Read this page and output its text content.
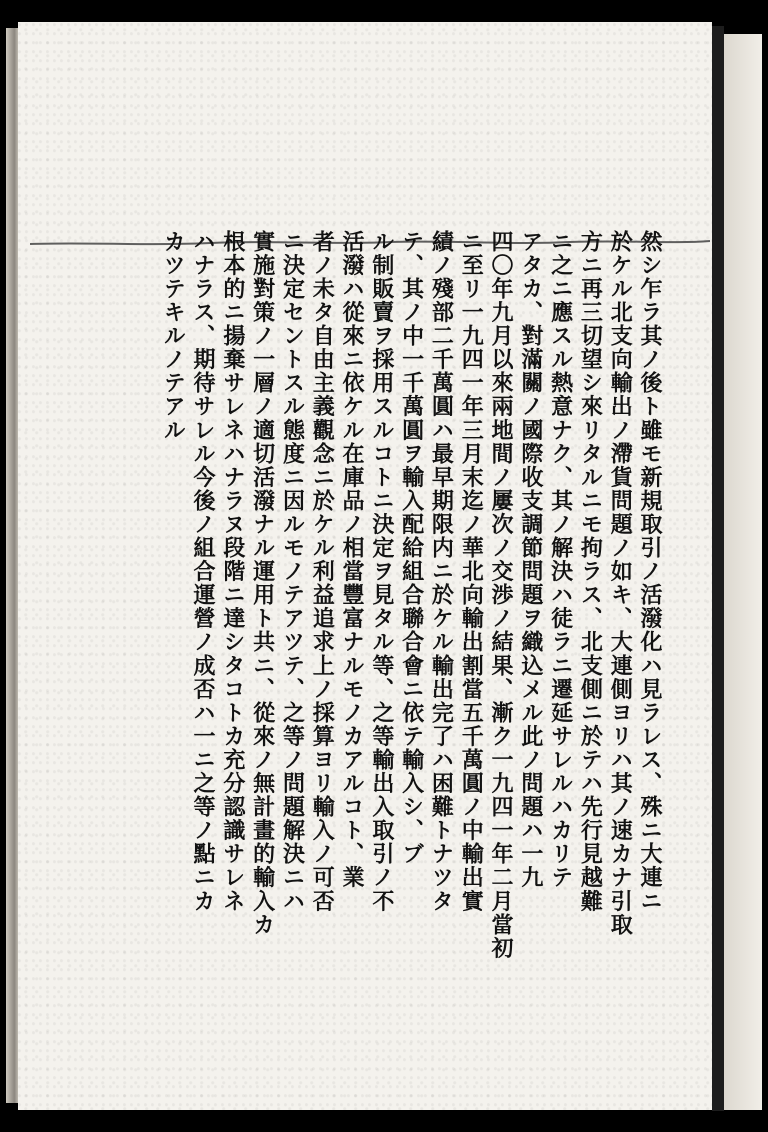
然シ乍ラ其ノ後ト雖モ新規取引ノ活潑化ハ見ラレス、殊ニ大連ニ
於ケル北支向輸出ノ滯貨問題ノ如キ、大連側ヨリハ其ノ速カナ引取
方ニ再三切望シ來リタルニモ拘ラス、北支側ニ於テハ先行見越難
ニ之ニ應スル熱意ナク、其ノ解決ハ徒ラニ遷延サレルハカリテ
アタカ、對滿關ノ國際收支調節問題ヲ織込メル此ノ問題ハ一九
四〇年九月以來兩地間ノ屢次ノ交渉ノ結果、漸ク一九四一年二月當初
ニ至リ一九四一年三月末迄ノ華北向輸出割當五千萬圓ノ中輸出實
績ノ殘部二千萬圓ハ最早期限内ニ於ケル輸出完了ハ困難トナツタ
テ、其ノ中一千萬圓ヲ輸入配給組合聯合會ニ依テ輸入シ、ブ
ル制販賣ヲ採用スルコトニ決定ヲ見タル等、之等輸出入取引ノ不
活潑ハ從來ニ依ケル在庫品ノ相當豐富ナルモノカアルコト、業
者ノ未タ自由主義觀念ニ於ケル利益追求上ノ採算ヨリ輸入ノ可否
ニ決定セントスル態度ニ因ルモノテアツテ、之等ノ問題解決ニハ
實施對策ノ一層ノ適切活潑ナル運用ト共ニ、從來ノ無計畫的輸入カ
根本的ニ揚棄サレネハナラヌ段階ニ達シタコトカ充分認識サレネ
ハナラス、期待サレル今後ノ組合運營ノ成否ハ一ニ之等ノ點ニカ
カツテキルノテアル
